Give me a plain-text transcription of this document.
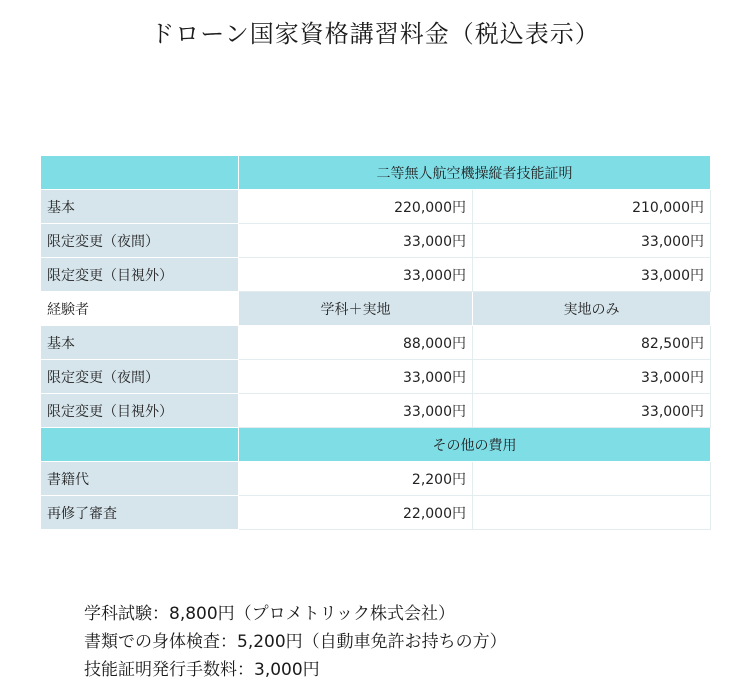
ドローン国家資格講習料金（税込表示）
	二等無人航空機操縦者技能証明	
基本	220,000円	210,000円
限定変更（夜間）	33,000円	33,000円
限定変更（目視外）	33,000円	33,000円
経験者	学科＋実地	実地のみ
基本	88,000円	82,500円
限定変更（夜間）	33,000円	33,000円
限定変更（目視外）	33,000円	33,000円
	その他の費用	
書籍代	2,200円	
再修了審査	22,000円	
学科試験：8,800円（プロメトリック株式会社）
書類での身体検査：5,200円（自動車免許お持ちの方）
技能証明発行手数料：3,000円
